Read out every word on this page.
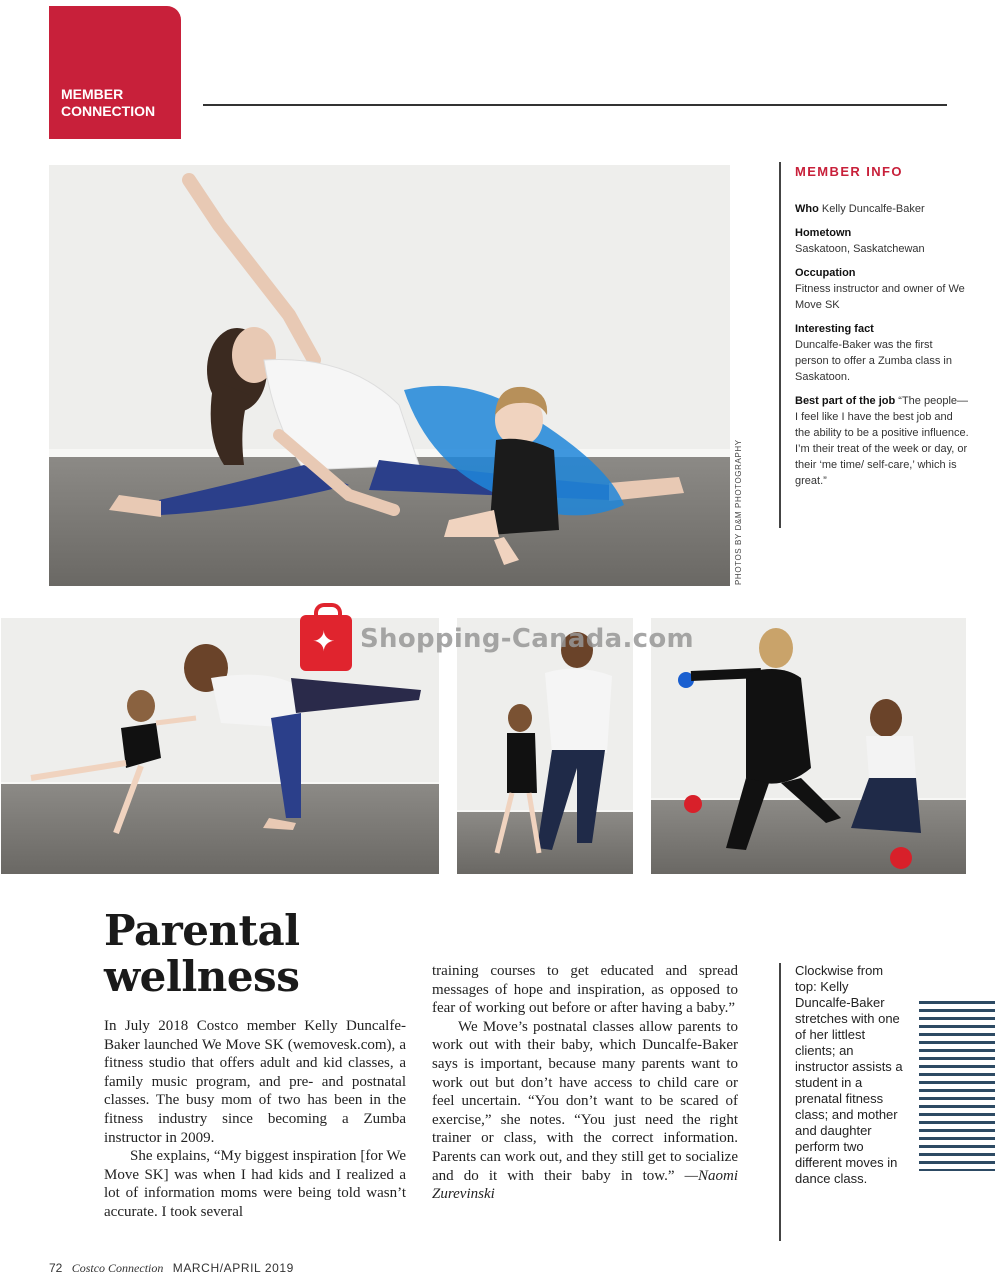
MEMBER
CONNECTION
PHOTOS BY D&M PHOTOGRAPHY
MEMBER INFO
Who Kelly Duncalfe-Baker
Hometown
Saskatoon, Saskatchewan
Occupation
Fitness instructor and owner of We Move SK
Interesting fact
Duncalfe-Baker was the first person to offer a Zumba class in Saskatoon.
Best part of the job “The people—I feel like I have the best job and the ability to be a positive influence. I’m their treat of the week or day, or their ‘me time/ self-care,’ which is great.”
✦ Shopping-Canada.com
Parental
wellness

In July 2018 Costco member Kelly Duncalfe-Baker launched We Move SK (wemovesk.com), a fitness studio that offers adult and kid classes, a family music program, and pre- and postnatal classes. The busy mom of two has been in the fitness industry since becoming a Zumba instructor in 2009.

She explains, “My biggest inspiration [for We Move SK] was when I had kids and I realized a lot of information moms were being told wasn’t accurate. I took several

training courses to get educated and spread messages of hope and inspiration, as opposed to fear of working out before or after having a baby.”

We Move’s postnatal classes allow parents to work out with their baby, which Duncalfe-Baker says is important, because many parents want to work out but don’t have access to child care or feel uncertain. “You don’t want to be scared of exercise,” she notes. “You just need the right trainer or class, with the correct information. Parents can work out, and they still get to socialize and do it with their baby in tow.” —Naomi Zurevinski

Clockwise from top: Kelly Duncalfe-Baker stretches with one of her littlest clients; an instructor assists a student in a prenatal fitness class; and mother and daughter perform two different moves in dance class.
72 Costco Connection MARCH/APRIL 2019
